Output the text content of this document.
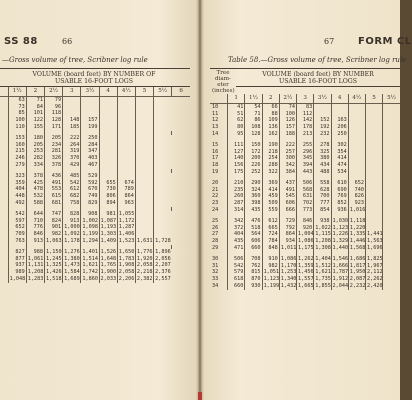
SS 88	66
—Gross volume of tree, Scribner log rule
VOLUME (board feet) BY NUMBER OF
USABLE 16-FOOT LOGS
	1½	2	2½	3	3½	4	4½	5	5½	6
	63	71	79							
	73	84	96							
	85	101	118							
	100	122	128	148	157					
	110	155	171	185	199					

	153	180	205	222	250					
	160	205	234	264	284					
	215	253	281	319	347					
	246	282	326	370	403					
	279	334	378	429	467					

	323	378	436	485	529					
	359	425	491	542	592	655	674			
	404	478	553	612	670	730	789			
	448	532	615	682	749	806	864			
	492	588	681	758	829	894	963			

	542	644	747	828	908	981	1,055			
	597	710	824	913	1,002	1,087	1,172			
	652	776	901	1,000	1,098	1,193	1,287			
	709	846	982	1,092	1,199	1,303	1,406			
	763	913	1,063	1,178	1,294	1,409	1,523	1,631	1,728	

	827	988	1,150	1,276	1,401	1,526	1,650	1,776	1,896	
	877	1,061	1,245	1,380	1,514	1,648	1,783	1,920	2,056	
	937	1,131	1,325	1,473	1,621	1,765	1,908	2,058	2,207	
	989	1,208	1,426	1,584	1,742	1,900	2,058	2,218	2,376	
	1,048	1,283	1,518	1,689	1,860	2,033	2,206	2,382	2,557	
67 FORM CL
Table 58.—Gross volume of tree, Scribner log rule
Tree
diam-
eter
(inches)
VOLUME (board feet) BY NUMBER
USABLE 16-FOOT LOGS
	1	1½	2	2½	3	3½	4	4½	5	5½
10	41	54	66	74	83					
11	51	71	88	100	112					
12	62	86	109	126	142	152	163			
13	80	108	136	157	178	192	206			
14	95	128	162	188	213	232	250			

15	111	150	190	222	255	278	302			
16	127	172	218	257	296	325	354			
17	140	200	254	300	345	380	414			
18	156	226	288	342	394	434	474			
19	175	252	322	384	443	488	534			

20	210	290	369	437	506	558	610	652		
21	235	324	414	491	568	628	690	740		
22	260	360	459	545	631	700	769	826		
23	287	398	509	606	702	777	852	923		
24	314	435	559	666	773	854	936	1,016		

25	342	476	612	729	846	938	1,030	1,118		
26	372	518	665	792	920	1,022	1,123	1,220		
27	404	564	724	864	1,004	1,115	1,226	1,335	1,441	
28	435	606	784	934	1,086	1,208	1,329	1,446	1,563	
29	471	660	848	1,011	1,175	1,308	1,440	1,568	1,696	

30	506	708	910	1,086	1,262	1,404	1,546	1,686	1,825	
31	542	762	982	1,170	1,359	1,512	1,666	1,817	1,967	
32	579	815	1,051	1,253	1,456	1,621	1,787	1,950	2,112	
33	618	870	1,123	1,340	1,557	1,735	1,912	2,087	2,262	
34	660	930	1,199	1,432	1,665	1,855	2,044	2,232	2,420	
